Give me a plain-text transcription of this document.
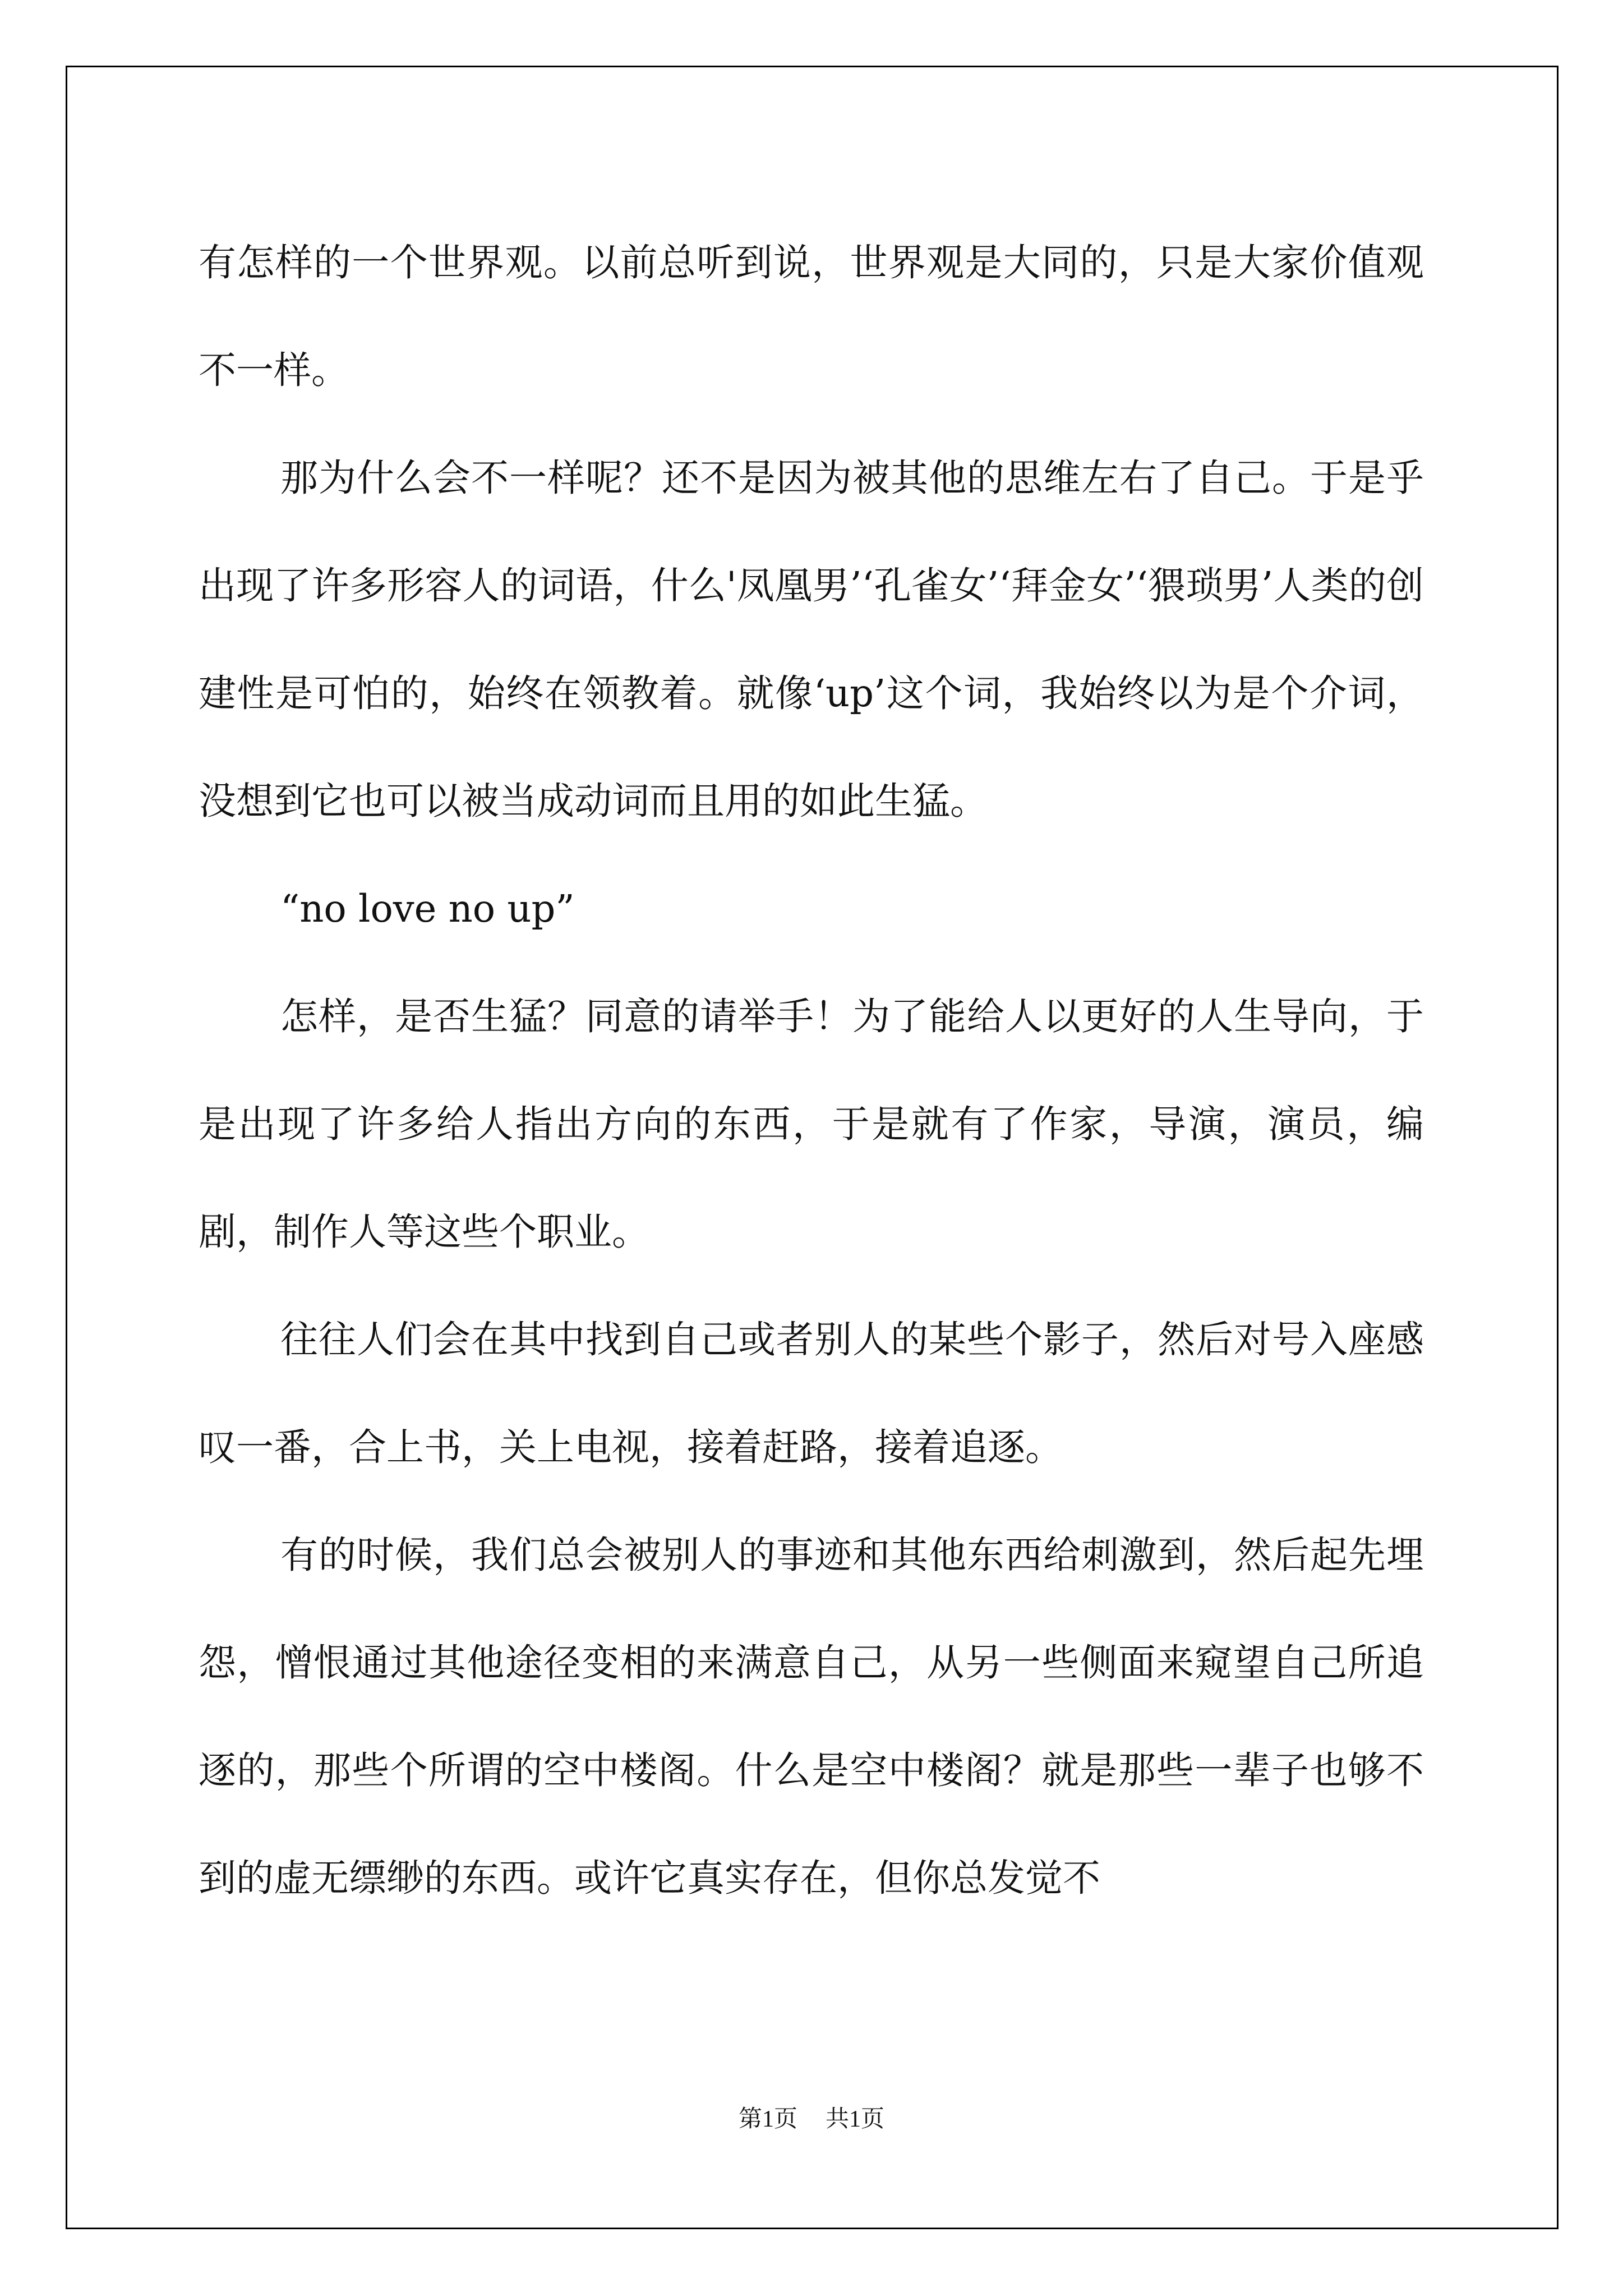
有怎样的一个世界观。以前总听到说，世界观是大同的，只是大家价值观不一样。

那为什么会不一样呢？还不是因为被其他的思维左右了自己。于是乎出现了许多形容人的词语，什么'凤凰男’‘孔雀女’‘拜金女’‘猥琐男’人类的创建性是可怕的，始终在领教着。就像‘up’这个词，我始终以为是个介词，没想到它也可以被当成动词而且用的如此生猛。

“no love no up”

怎样，是否生猛？同意的请举手！为了能给人以更好的人生导向，于是出现了许多给人指出方向的东西，于是就有了作家，导演，演员，编剧，制作人等这些个职业。

往往人们会在其中找到自己或者别人的某些个影子，然后对号入座感叹一番，合上书，关上电视，接着赶路，接着追逐。

有的时候，我们总会被别人的事迹和其他东西给刺激到，然后起先埋怨，憎恨通过其他途径变相的来满意自己，从另一些侧面来窥望自己所追逐的，那些个所谓的空中楼阁。什么是空中楼阁？就是那些一辈子也够不到的虚无缥缈的东西。或许它真实存在，但你总发觉不

第1页 共1页
